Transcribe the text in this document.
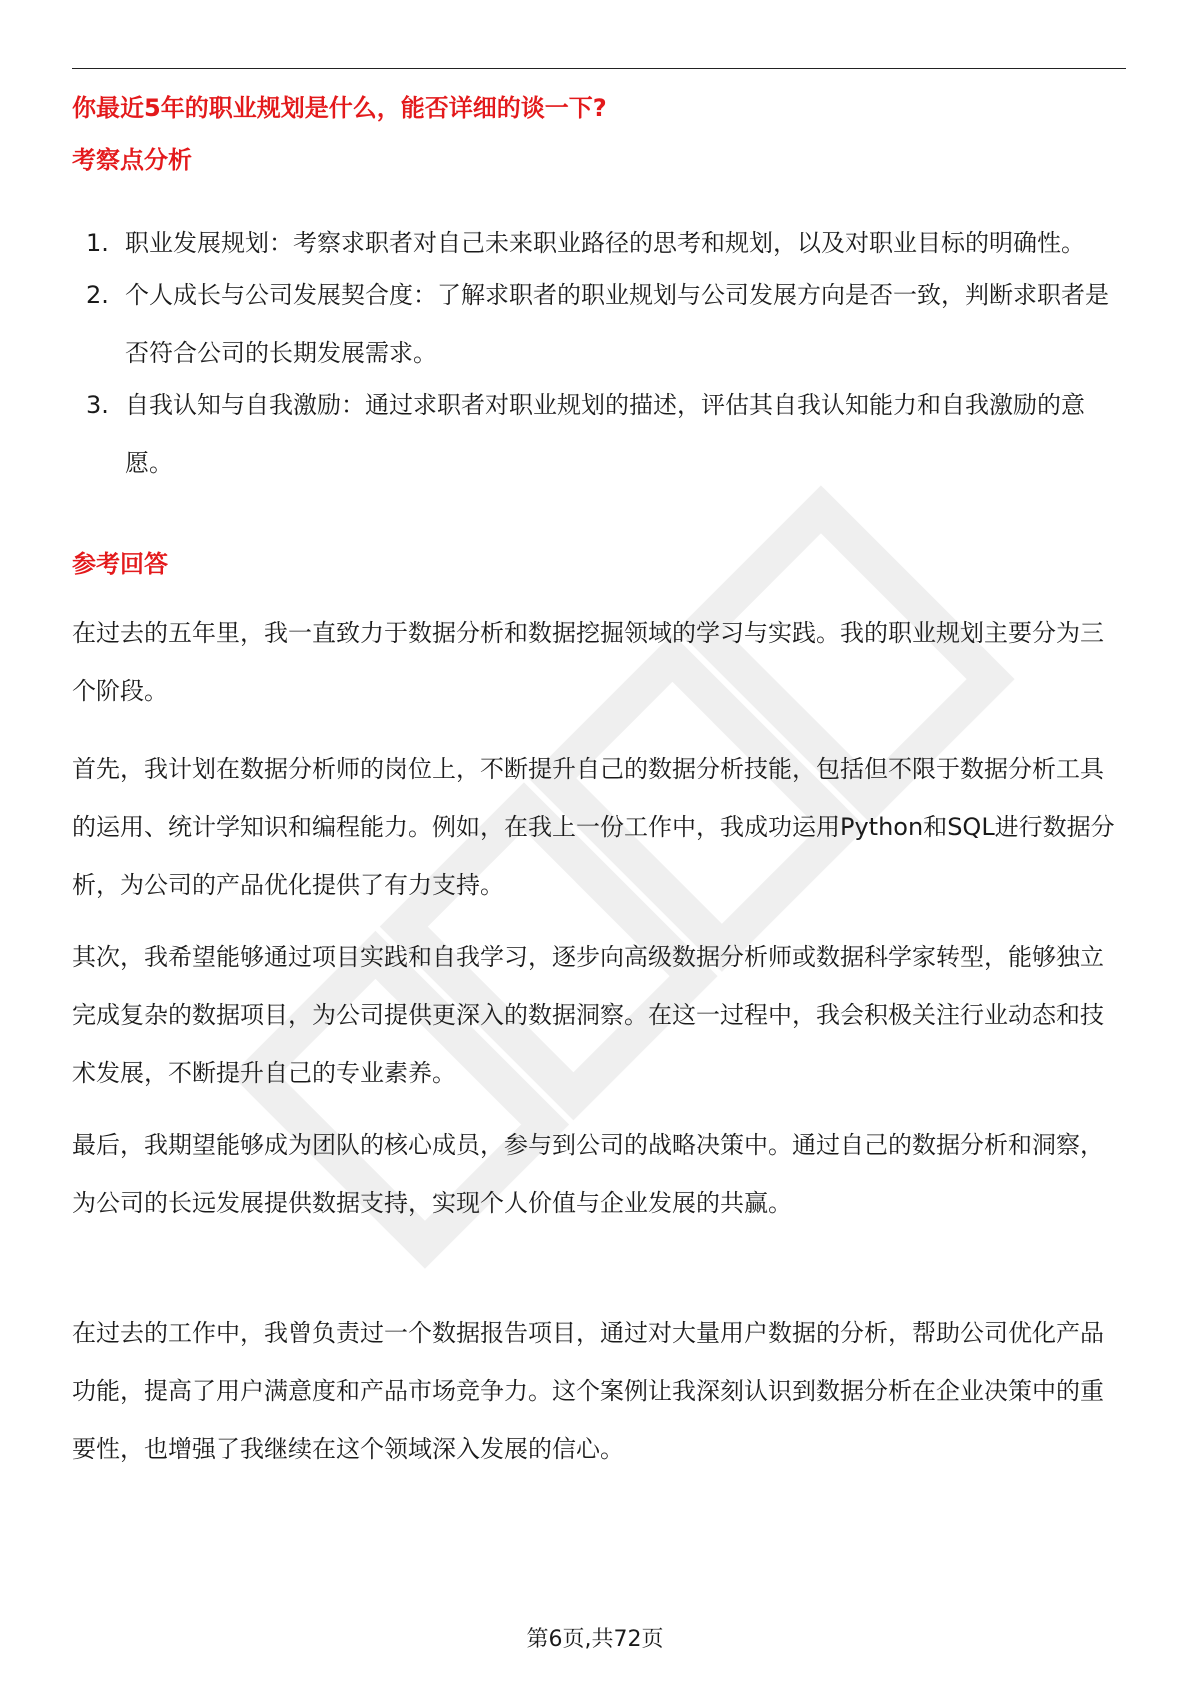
你最近5年的职业规划是什么，能否详细的谈一下?
考察点分析
1. 职业发展规划：考察求职者对自己未来职业路径的思考和规划，以及对职业目标的明确性。
2. 个人成长与公司发展契合度：了解求职者的职业规划与公司发展方向是否一致，判断求职者是否符合公司的长期发展需求。
3. 自我认知与自我激励：通过求职者对职业规划的描述，评估其自我认知能力和自我激励的意愿。
参考回答

在过去的五年里，我一直致力于数据分析和数据挖掘领域的学习与实践。我的职业规划主要分为三个阶段。

首先，我计划在数据分析师的岗位上，不断提升自己的数据分析技能，包括但不限于数据分析工具的运用、统计学知识和编程能力。例如，在我上一份工作中，我成功运用Python和SQL进行数据分析，为公司的产品优化提供了有力支持。

其次，我希望能够通过项目实践和自我学习，逐步向高级数据分析师或数据科学家转型，能够独立完成复杂的数据项目，为公司提供更深入的数据洞察。在这一过程中，我会积极关注行业动态和技术发展，不断提升自己的专业素养。

最后，我期望能够成为团队的核心成员，参与到公司的战略决策中。通过自己的数据分析和洞察，为公司的长远发展提供数据支持，实现个人价值与企业发展的共赢。

在过去的工作中，我曾负责过一个数据报告项目，通过对大量用户数据的分析，帮助公司优化产品功能，提高了用户满意度和产品市场竞争力。这个案例让我深刻认识到数据分析在企业决策中的重要性，也增强了我继续在这个领域深入发展的信心。

第6页,共72页
